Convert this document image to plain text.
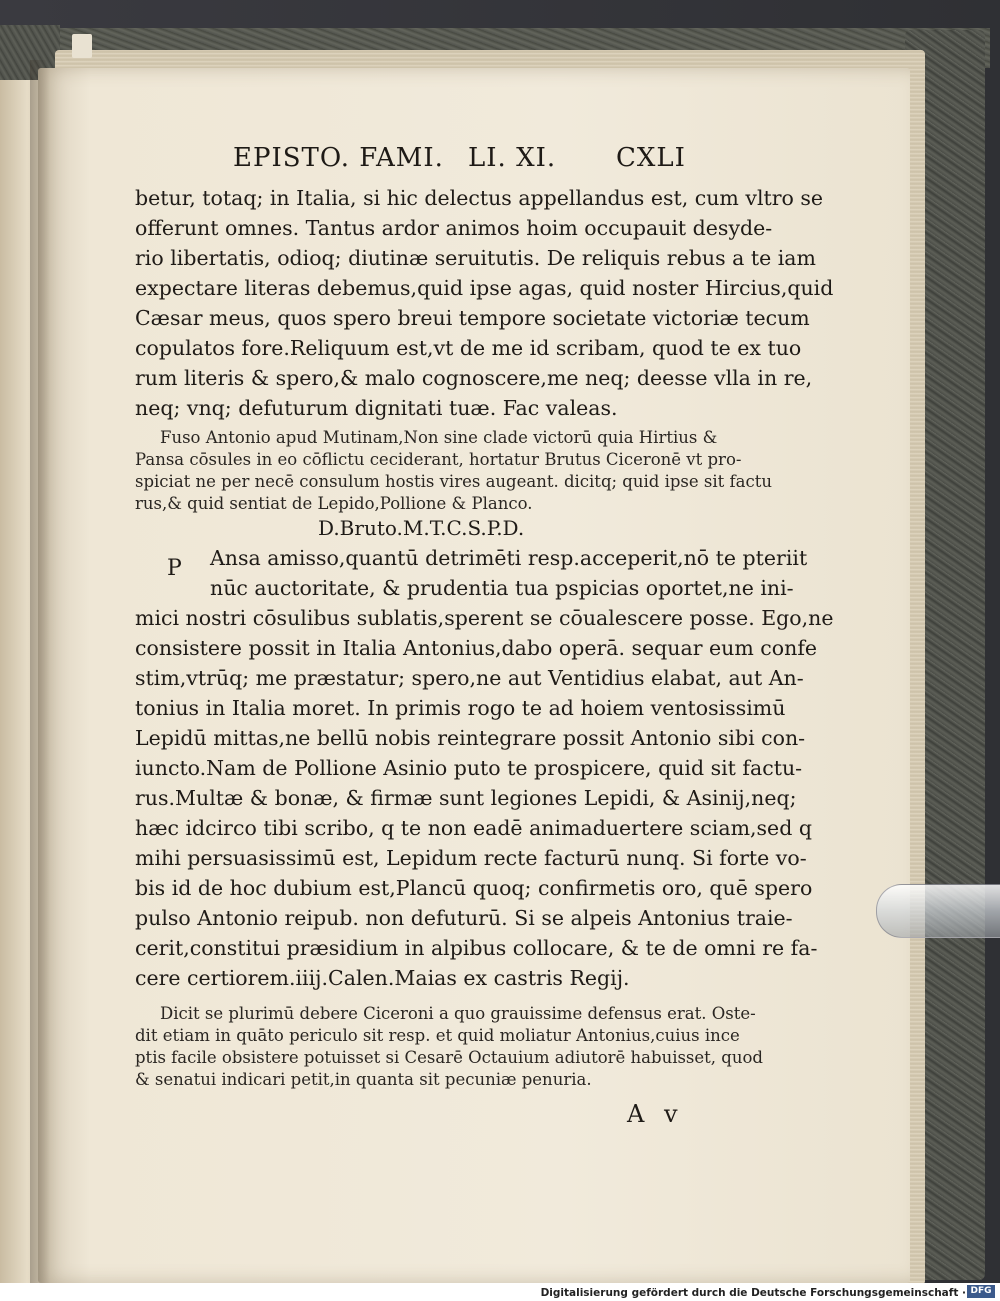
EPISTO. FAMI. LI. XI. CXLI
betur, totaq; in Italia, si hic delectus appellandus est, cum vltro se
offerunt omnes. Tantus ardor animos hoim occupauit desyde-
rio libertatis, odioq; diutinæ seruitutis. De reliquis rebus a te iam
expectare literas debemus,quid ipse agas, quid noster Hircius,quid
Cæsar meus, quos spero breui tempore societate victoriæ tecum
copulatos fore.Reliquum est,vt de me id scribam, quod te ex tuo
rum literis & spero,& malo cognoscere,me neq; deesse vlla in re,
neq; vnq; defuturum dignitati tuæ. Fac valeas.
Fuso Antonio apud Mutinam,Non sine clade victorū quia Hirtius &
Pansa cōsules in eo cōflictu ceciderant, hortatur Brutus Ciceronē vt pro-
spiciat ne per necē consulum hostis vires augeant. dicitq; quid ipse sit factu
rus,& quid sentiat de Lepido,Pollione & Planco.
D.Bruto.M.T.C.S.P.D.
P Ansa amisso,quantū detrimēti resp.acceperit,nō te pteriit
nūc auctoritate, & prudentia tua pspicias oportet,ne ini-
mici nostri cōsulibus sublatis,sperent se cōualescere posse. Ego,ne
consistere possit in Italia Antonius,dabo operā. sequar eum confe
stim,vtrūq; me præstatur; spero,ne aut Ventidius elabat, aut An-
tonius in Italia moret. In primis rogo te ad hoiem ventosissimū
Lepidū mittas,ne bellū nobis reintegrare possit Antonio sibi con-
iuncto.Nam de Pollione Asinio puto te prospicere, quid sit factu-
rus.Multæ & bonæ, & firmæ sunt legiones Lepidi, & Asinij,neq;
hæc idcirco tibi scribo, q te non eadē animaduertere sciam,sed q
mihi persuasissimū est, Lepidum recte facturū nunq. Si forte vo-
bis id de hoc dubium est,Plancū quoq; confirmetis oro, quē spero
pulso Antonio reipub. non defuturū. Si se alpeis Antonius traie-
cerit,constitui præsidium in alpibus collocare, & te de omni re fa-
cere certiorem.iiij.Calen.Maias ex castris Regij.
Dicit se plurimū debere Ciceroni a quo grauissime defensus erat. Oste-
dit etiam in quāto periculo sit resp. et quid moliatur Antonius,cuius ince
ptis facile obsistere potuisset si Cesarē Octauium adiutorē habuisset, quod
& senatui indicari petit,in quanta sit pecuniæ penuria.
A v
Digitalisierung gefördert durch die Deutsche Forschungsgemeinschaft · DFG
